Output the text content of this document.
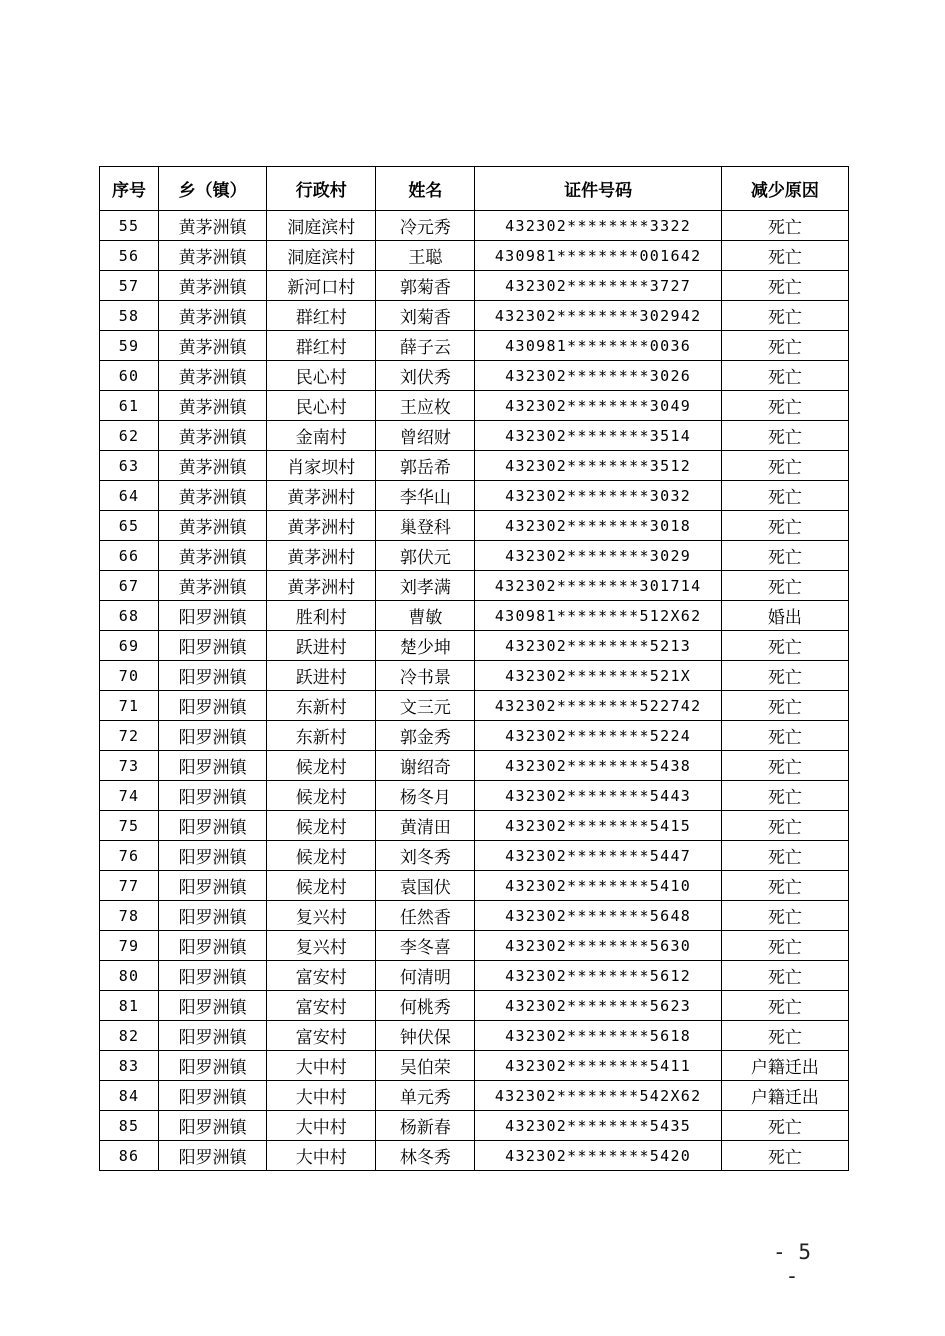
序号	乡（镇）	行政村	姓名	证件号码	减少原因
55	黄茅洲镇	洞庭滨村	冷元秀	432302********3322	死亡
56	黄茅洲镇	洞庭滨村	王聪	430981********001642	死亡
57	黄茅洲镇	新河口村	郭菊香	432302********3727	死亡
58	黄茅洲镇	群红村	刘菊香	432302********302942	死亡
59	黄茅洲镇	群红村	薛子云	430981********0036	死亡
60	黄茅洲镇	民心村	刘伏秀	432302********3026	死亡
61	黄茅洲镇	民心村	王应枚	432302********3049	死亡
62	黄茅洲镇	金南村	曾绍财	432302********3514	死亡
63	黄茅洲镇	肖家坝村	郭岳希	432302********3512	死亡
64	黄茅洲镇	黄茅洲村	李华山	432302********3032	死亡
65	黄茅洲镇	黄茅洲村	巢登科	432302********3018	死亡
66	黄茅洲镇	黄茅洲村	郭伏元	432302********3029	死亡
67	黄茅洲镇	黄茅洲村	刘孝满	432302********301714	死亡
68	阳罗洲镇	胜利村	曹敏	430981********512X62	婚出
69	阳罗洲镇	跃进村	楚少坤	432302********5213	死亡
70	阳罗洲镇	跃进村	冷书景	432302********521X	死亡
71	阳罗洲镇	东新村	文三元	432302********522742	死亡
72	阳罗洲镇	东新村	郭金秀	432302********5224	死亡
73	阳罗洲镇	候龙村	谢绍奇	432302********5438	死亡
74	阳罗洲镇	候龙村	杨冬月	432302********5443	死亡
75	阳罗洲镇	候龙村	黄清田	432302********5415	死亡
76	阳罗洲镇	候龙村	刘冬秀	432302********5447	死亡
77	阳罗洲镇	候龙村	袁国伏	432302********5410	死亡
78	阳罗洲镇	复兴村	任然香	432302********5648	死亡
79	阳罗洲镇	复兴村	李冬喜	432302********5630	死亡
80	阳罗洲镇	富安村	何清明	432302********5612	死亡
81	阳罗洲镇	富安村	何桃秀	432302********5623	死亡
82	阳罗洲镇	富安村	钟伏保	432302********5618	死亡
83	阳罗洲镇	大中村	吴伯荣	432302********5411	户籍迁出
84	阳罗洲镇	大中村	单元秀	432302********542X62	户籍迁出
85	阳罗洲镇	大中村	杨新春	432302********5435	死亡
86	阳罗洲镇	大中村	林冬秀	432302********5420	死亡
- 5 -
